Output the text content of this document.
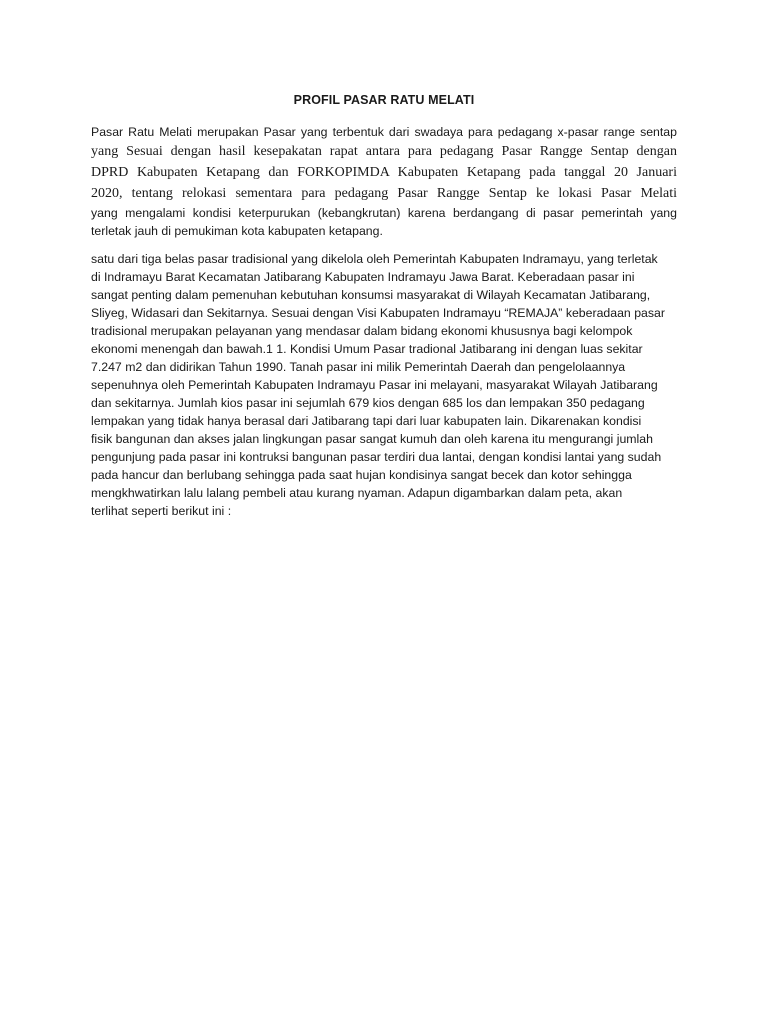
PROFIL PASAR RATU MELATI
Pasar Ratu Melati merupakan Pasar yang terbentuk dari swadaya para pedagang x-pasar range sentap
yang Sesuai dengan hasil kesepakatan rapat antara para pedagang Pasar Rangge Sentap dengan
DPRD Kabupaten Ketapang dan FORKOPIMDA Kabupaten Ketapang pada tanggal 20 Januari
2020, tentang relokasi sementara para pedagang Pasar Rangge Sentap ke lokasi Pasar Melati
yang mengalami kondisi keterpurukan (kebangkrutan) karena berdangang di pasar pemerintah yang
terletak jauh di pemukiman kota kabupaten ketapang.
satu dari tiga belas pasar tradisional yang dikelola oleh Pemerintah Kabupaten Indramayu, yang terletak
di Indramayu Barat Kecamatan Jatibarang Kabupaten Indramayu Jawa Barat. Keberadaan pasar ini
sangat penting dalam pemenuhan kebutuhan konsumsi masyarakat di Wilayah Kecamatan Jatibarang,
Sliyeg, Widasari dan Sekitarnya. Sesuai dengan Visi Kabupaten Indramayu “REMAJA” keberadaan pasar
tradisional merupakan pelayanan yang mendasar dalam bidang ekonomi khususnya bagi kelompok
ekonomi menengah dan bawah.1 1. Kondisi Umum Pasar tradional Jatibarang ini dengan luas sekitar
7.247 m2 dan didirikan Tahun 1990. Tanah pasar ini milik Pemerintah Daerah dan pengelolaannya
sepenuhnya oleh Pemerintah Kabupaten Indramayu Pasar ini melayani, masyarakat Wilayah Jatibarang
dan sekitarnya. Jumlah kios pasar ini sejumlah 679 kios dengan 685 los dan lempakan 350 pedagang
lempakan yang tidak hanya berasal dari Jatibarang tapi dari luar kabupaten lain. Dikarenakan kondisi
fisik bangunan dan akses jalan lingkungan pasar sangat kumuh dan oleh karena itu mengurangi jumlah
pengunjung pada pasar ini kontruksi bangunan pasar terdiri dua lantai, dengan kondisi lantai yang sudah
pada hancur dan berlubang sehingga pada saat hujan kondisinya sangat becek dan kotor sehingga
mengkhwatirkan lalu lalang pembeli atau kurang nyaman. Adapun digambarkan dalam peta, akan
terlihat seperti berikut ini :
